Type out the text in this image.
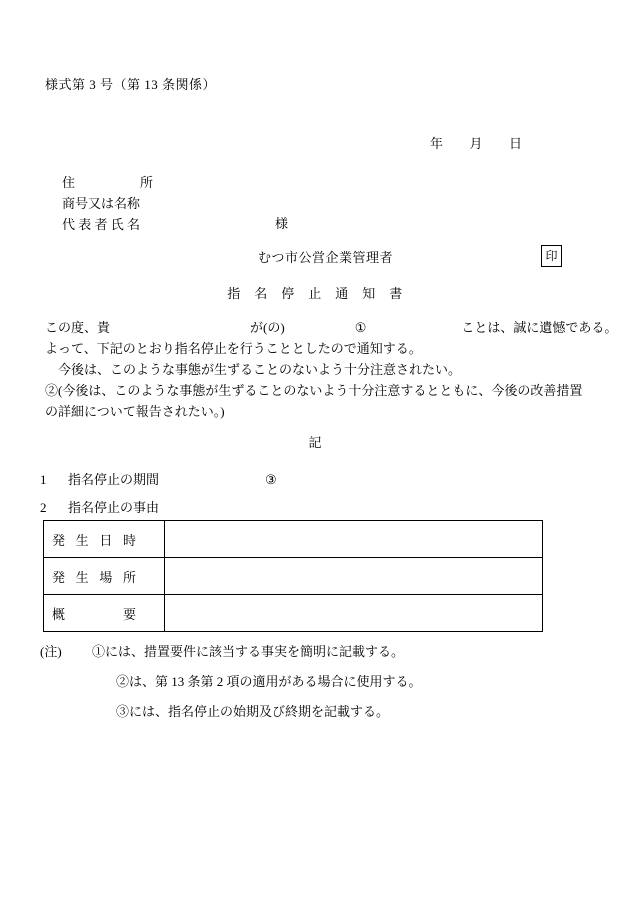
様式第 3 号（第 13 条関係）
年 月 日
住　　　　　所
商号又は名称
代 表 者 氏 名	様
むつ市公営企業管理者	印
指　名　停　止　通　知　書
この度、貴	が(の)	①	ことは、誠に遺憾である。
よって、下記のとおり指名停止を行うこととしたので通知する。
今後は、このような事態が生ずることのないよう十分注意されたい。
②(今後は、このような事態が生ずることのないよう十分注意するとともに、今後の改善措置の詳細について報告されたい。)
記
1 指名停止の期間	③
2 指名停止の事由
発 生 日 時	

発 生 場 所	

概 要	

(注) ①には、措置要件に該当する事実を簡明に記載する。
②は、第 13 条第 2 項の適用がある場合に使用する。
③には、指名停止の始期及び終期を記載する。
